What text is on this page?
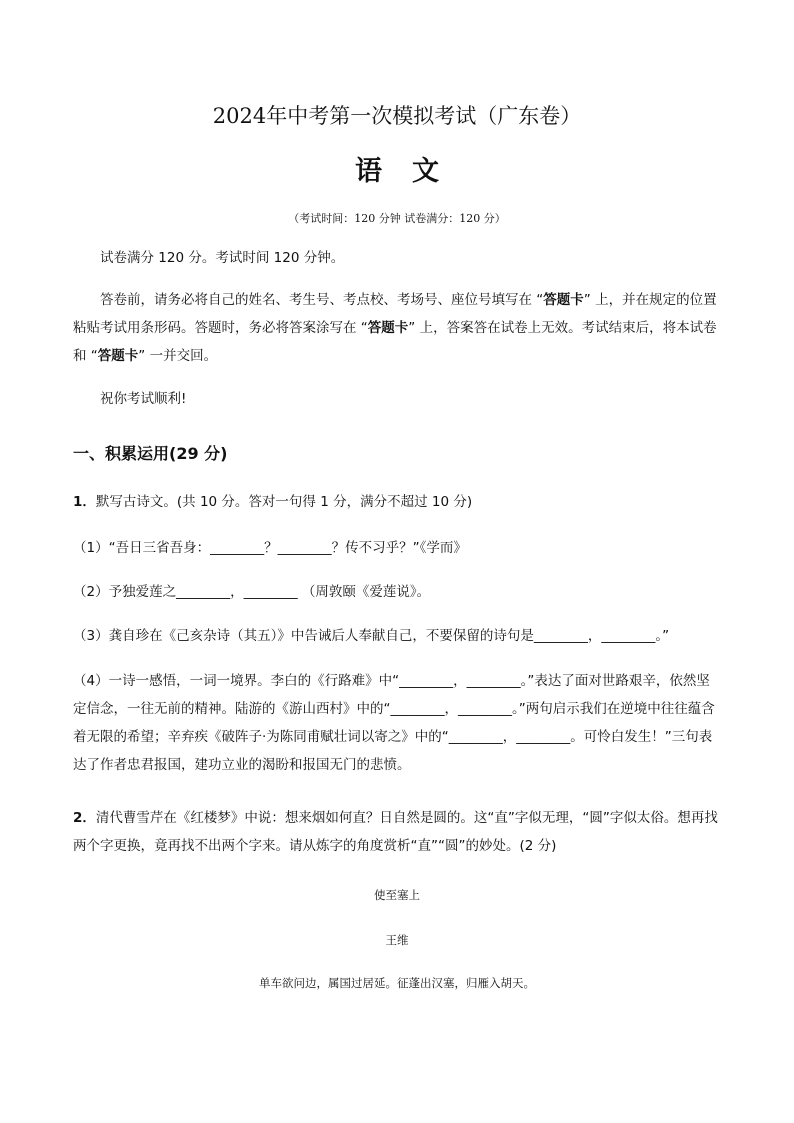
2024年中考第一次模拟考试（广东卷）
语文
（考试时间：120 分钟 试卷满分：120 分）
试卷满分 120 分。考试时间 120 分钟。
答卷前，请务必将自己的姓名、考生号、考点校、考场号、座位号填写在 “答题卡” 上，并在规定的位置粘贴考试用条形码。答题时，务必将答案涂写在 “答题卡” 上，答案答在试卷上无效。考试结束后，将本试卷和 “答题卡” 一并交回。
祝你考试顺利!
一、积累运用(29 分)
1．默写古诗文。(共 10 分。答对一句得 1 分，满分不超过 10 分)
（1）“吾日三省吾身：________？________？传不习乎？”《学而》
（2）予独爱莲之________，________ （周敦颐《爱莲说》。
（3）龚自珍在《己亥杂诗（其五）》中告诫后人奉献自己，不要保留的诗句是________，________。”
（4）一诗一感悟，一词一境界。李白的《行路难》中“________，________。”表达了面对世路艰辛，依然坚定信念，一往无前的精神。陆游的《游山西村》中的“________，________。”两句启示我们在逆境中往往蕴含着无限的希望；辛弃疾《破阵子·为陈同甫赋壮词以寄之》中的“________，________。可怜白发生！”三句表达了作者忠君报国，建功立业的渴盼和报国无门的悲愤。
2．清代曹雪芹在《红楼梦》中说：想来烟如何直？日自然是圆的。这“直”字似无理，“圆”字似太俗。想再找两个字更换，竟再找不出两个字来。请从炼字的角度赏析“直”“圆”的妙处。(2 分)
使至塞上
王维
单车欲问边，属国过居延。征蓬出汉塞，归雁入胡天。
